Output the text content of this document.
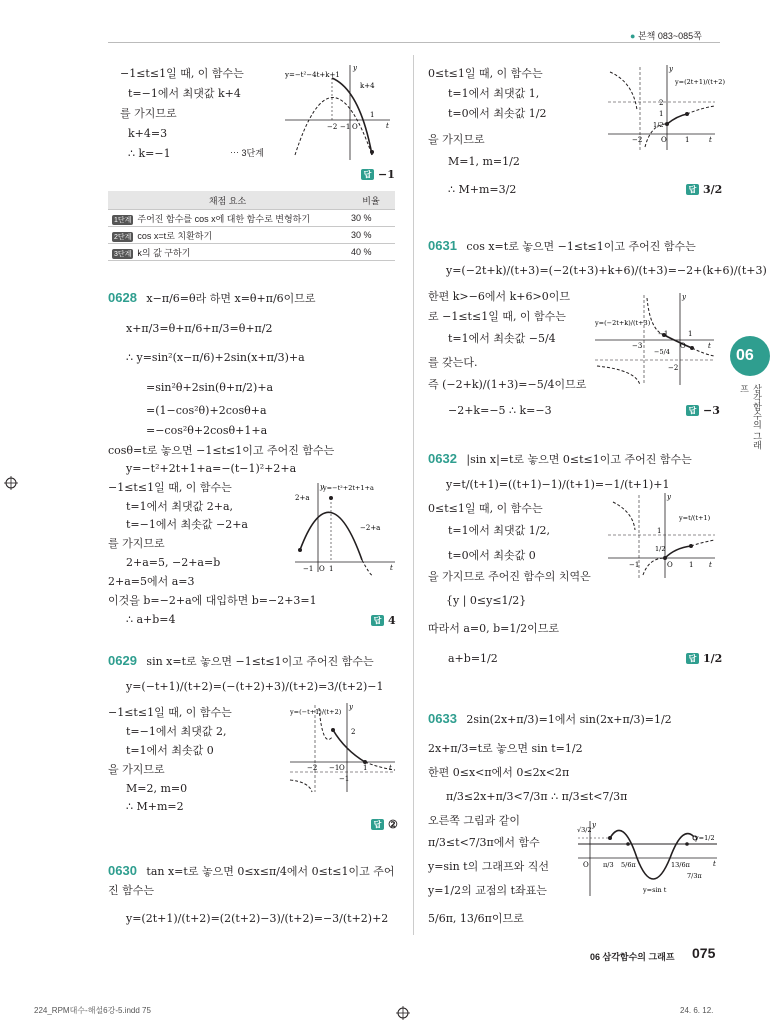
● 본책 083~085쪽
−1≤t≤1일 때, 이 함수는
t=−1에서 최댓값 k+4
를 가지므로
k+4=3
∴ k=−1	⋯ 3단계
y=−t²−4t+k+1
k+4
−2 −1 O
1
t
y
답 −1
채점 요소	비율
1단계 주어진 함수를 cos x에 대한 함수로 변형하기	30 %
2단계 cos x=t로 치환하기	30 %
3단계 k의 값 구하기	40 %
0628 x−π/6=θ라 하면 x=θ+π/6이므로
x+π/3=θ+π/6+π/3=θ+π/2
∴ y=sin²(x−π/6)+2sin(x+π/3)+a
=sin²θ+2sin(θ+π/2)+a
=(1−cos²θ)+2cosθ+a
=−cos²θ+2cosθ+1+a
cosθ=t로 놓으면 −1≤t≤1이고 주어진 함수는
y=−t²+2t+1+a=−(t−1)²+2+a
−1≤t≤1일 때, 이 함수는
t=1에서 최댓값 2+a,
t=−1에서 최솟값 −2+a
를 가지므로
2+a=5, −2+a=b
2+a=5에서 a=3
이것을 b=−2+a에 대입하면 b=−2+3=1
∴ a+b=4	답 4
y=−t²+2t+1+a
2+a
−2+a
−1 O 1	t
y
0629 sin x=t로 놓으면 −1≤t≤1이고 주어진 함수는
y=(−t+1)/(t+2)=(−(t+2)+3)/(t+2)=3/(t+2)−1
−1≤t≤1일 때, 이 함수는
t=−1에서 최댓값 2,
t=1에서 최솟값 0
을 가지므로
M=2, m=0
∴ M+m=2
답 ②
y=(−t+1)/(t+2)
2
−2 −1 O	1
−1
t
y
0630 tan x=t로 놓으면 0≤x≤π/4에서 0≤t≤1이고 주어
진 함수는
y=(2t+1)/(t+2)=(2(t+2)−3)/(t+2)=−3/(t+2)+2
0≤t≤1일 때, 이 함수는
t=1에서 최댓값 1,
t=0에서 최솟값 1/2
을 가지므로
M=1, m=1/2
∴ M+m=3/2	답 3/2
y=(2t+1)/(t+2)
−2	O	1
2
1
1/2
t
y
0631 cos x=t로 놓으면 −1≤t≤1이고 주어진 함수는
y=(−2t+k)/(t+3)=(−2(t+3)+k+6)/(t+3)=−2+(k+6)/(t+3)
한편 k>−6에서 k+6>0이므
로 −1≤t≤1일 때, 이 함수는
t=1에서 최솟값 −5/4
를 갖는다.
즉 (−2+k)/(1+3)=−5/4이므로
−2+k=−5 ∴ k=−3	답 −3
y=(−2t+k)/(t+3)
−3
−1
O
1
−2
−5/4
t
y
0632 |sin x|=t로 놓으면 0≤t≤1이고 주어진 함수는
y=t/(t+1)=((t+1)−1)/(t+1)=−1/(t+1)+1
0≤t≤1일 때, 이 함수는
t=1에서 최댓값 1/2,
t=0에서 최솟값 0
을 가지므로 주어진 함수의 치역은
{y | 0≤y≤1/2}
따라서 a=0, b=1/2이므로
a+b=1/2	답 1/2
y=t/(t+1)
−1	O 1
1
1/2
t
y
0633 2sin(2x+π/3)=1에서 sin(2x+π/3)=1/2
2x+π/3=t로 놓으면 sin t=1/2
한편 0≤x<π에서 0≤2x<2π
π/3≤2x+π/3<7/3π ∴ π/3≤t<7/3π
오른쪽 그림과 같이
π/3≤t<7/3π에서 함수
y=sin t의 그래프와 직선
y=1/2의 교점의 t좌표는
5/6π, 13/6π이므로
√3/2
y=1/2
O π/3 5/6π	13/6π
7/3π
y=sin t
t
y
06
삼각함수의 그래프
06 삼각함수의 그래프 075
224_RPM대수-해설6강-5.indd 75	24. 6. 12.
